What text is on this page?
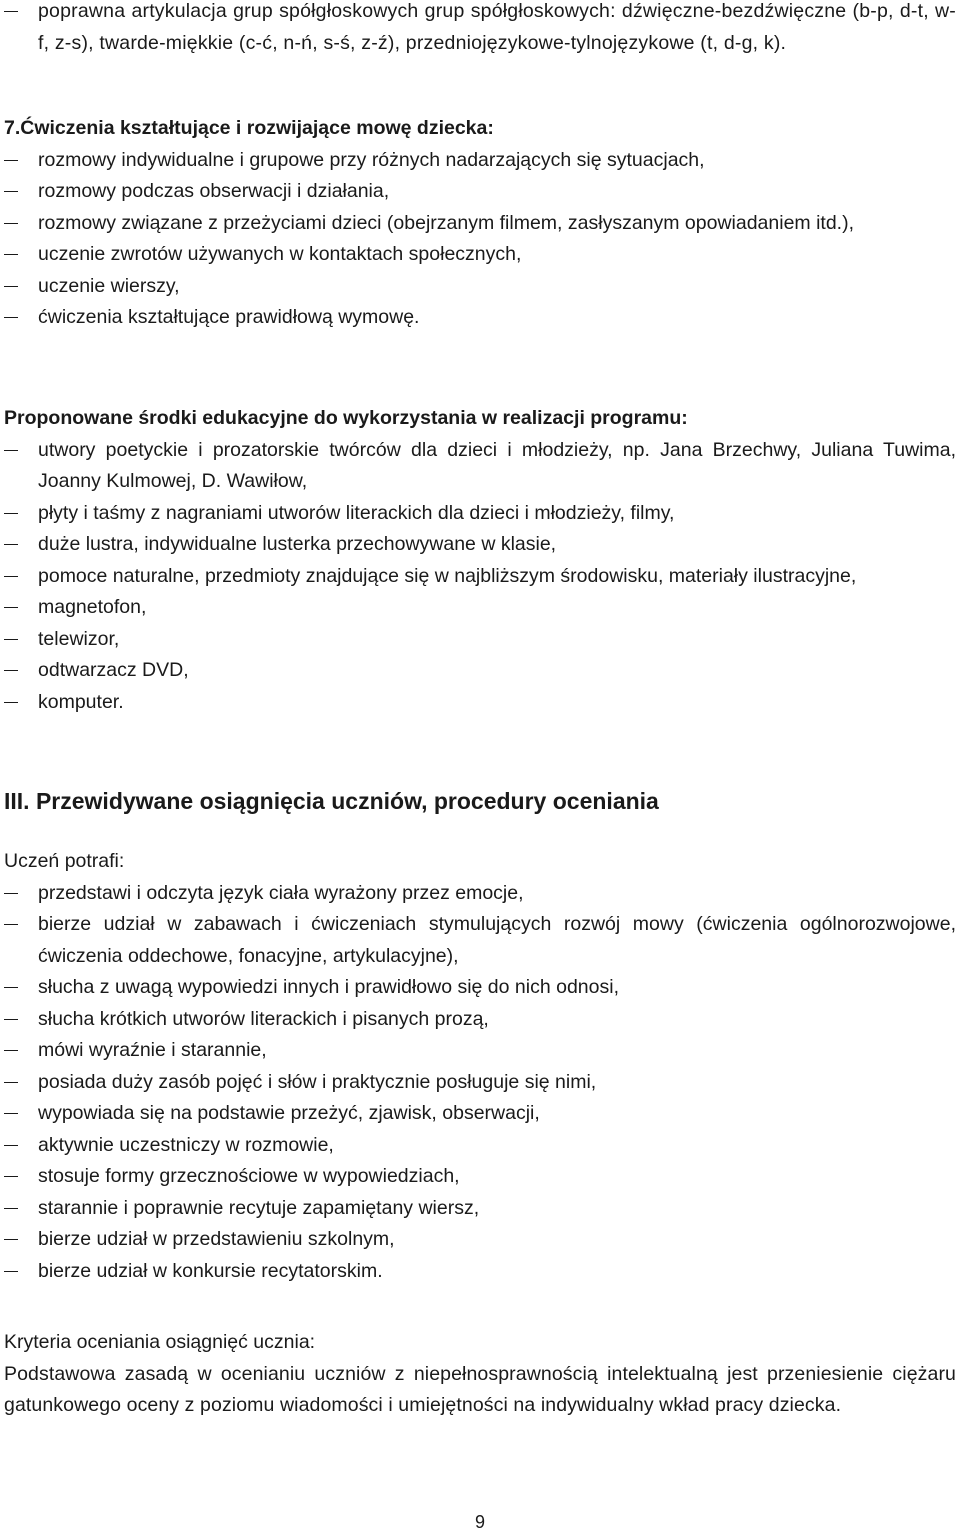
poprawna artykulacja grup spółgłoskowych grup spółgłoskowych: dźwięczne-bezdźwięczne (b-p, d-t, w-f, z-s), twarde-miękkie (c-ć, n-ń, s-ś, z-ź), przedniojęzykowe-tylnojęzykowe (t, d-g, k).
7.Ćwiczenia kształtujące i rozwijające mowę dziecka:
rozmowy indywidualne i grupowe przy różnych nadarzających się sytuacjach,
rozmowy podczas obserwacji i działania,
rozmowy związane z przeżyciami dzieci (obejrzanym filmem, zasłyszanym opowiadaniem itd.),
uczenie zwrotów używanych w kontaktach społecznych,
uczenie wierszy,
ćwiczenia kształtujące prawidłową wymowę.
Proponowane środki edukacyjne do wykorzystania w realizacji programu:
utwory poetyckie i prozatorskie twórców dla dzieci i młodzieży, np. Jana Brzechwy, Juliana Tuwima, Joanny Kulmowej, D. Wawiłow,
płyty i taśmy z nagraniami utworów literackich dla dzieci i młodzieży, filmy,
duże lustra, indywidualne lusterka przechowywane w klasie,
pomoce naturalne, przedmioty znajdujące się w najbliższym środowisku, materiały ilustracyjne,
magnetofon,
telewizor,
odtwarzacz DVD,
komputer.
III. Przewidywane osiągnięcia uczniów, procedury oceniania
Uczeń potrafi:
przedstawi i odczyta język ciała wyrażony przez emocje,
bierze udział w zabawach i ćwiczeniach stymulujących rozwój mowy (ćwiczenia ogólnorozwojowe, ćwiczenia oddechowe, fonacyjne, artykulacyjne),
słucha z uwagą wypowiedzi innych i prawidłowo się do nich odnosi,
słucha krótkich utworów literackich i pisanych prozą,
mówi wyraźnie i starannie,
posiada duży zasób pojęć i słów i praktycznie posługuje się nimi,
wypowiada się na podstawie przeżyć, zjawisk, obserwacji,
aktywnie uczestniczy w rozmowie,
stosuje formy grzecznościowe w wypowiedziach,
starannie i poprawnie recytuje zapamiętany wiersz,
bierze udział w przedstawieniu szkolnym,
bierze udział w konkursie recytatorskim.
Kryteria oceniania osiągnięć ucznia:
Podstawowa zasadą w ocenianiu uczniów z niepełnosprawnością intelektualną jest przeniesienie ciężaru gatunkowego oceny z poziomu wiadomości i umiejętności na indywidualny wkład pracy dziecka.
9
